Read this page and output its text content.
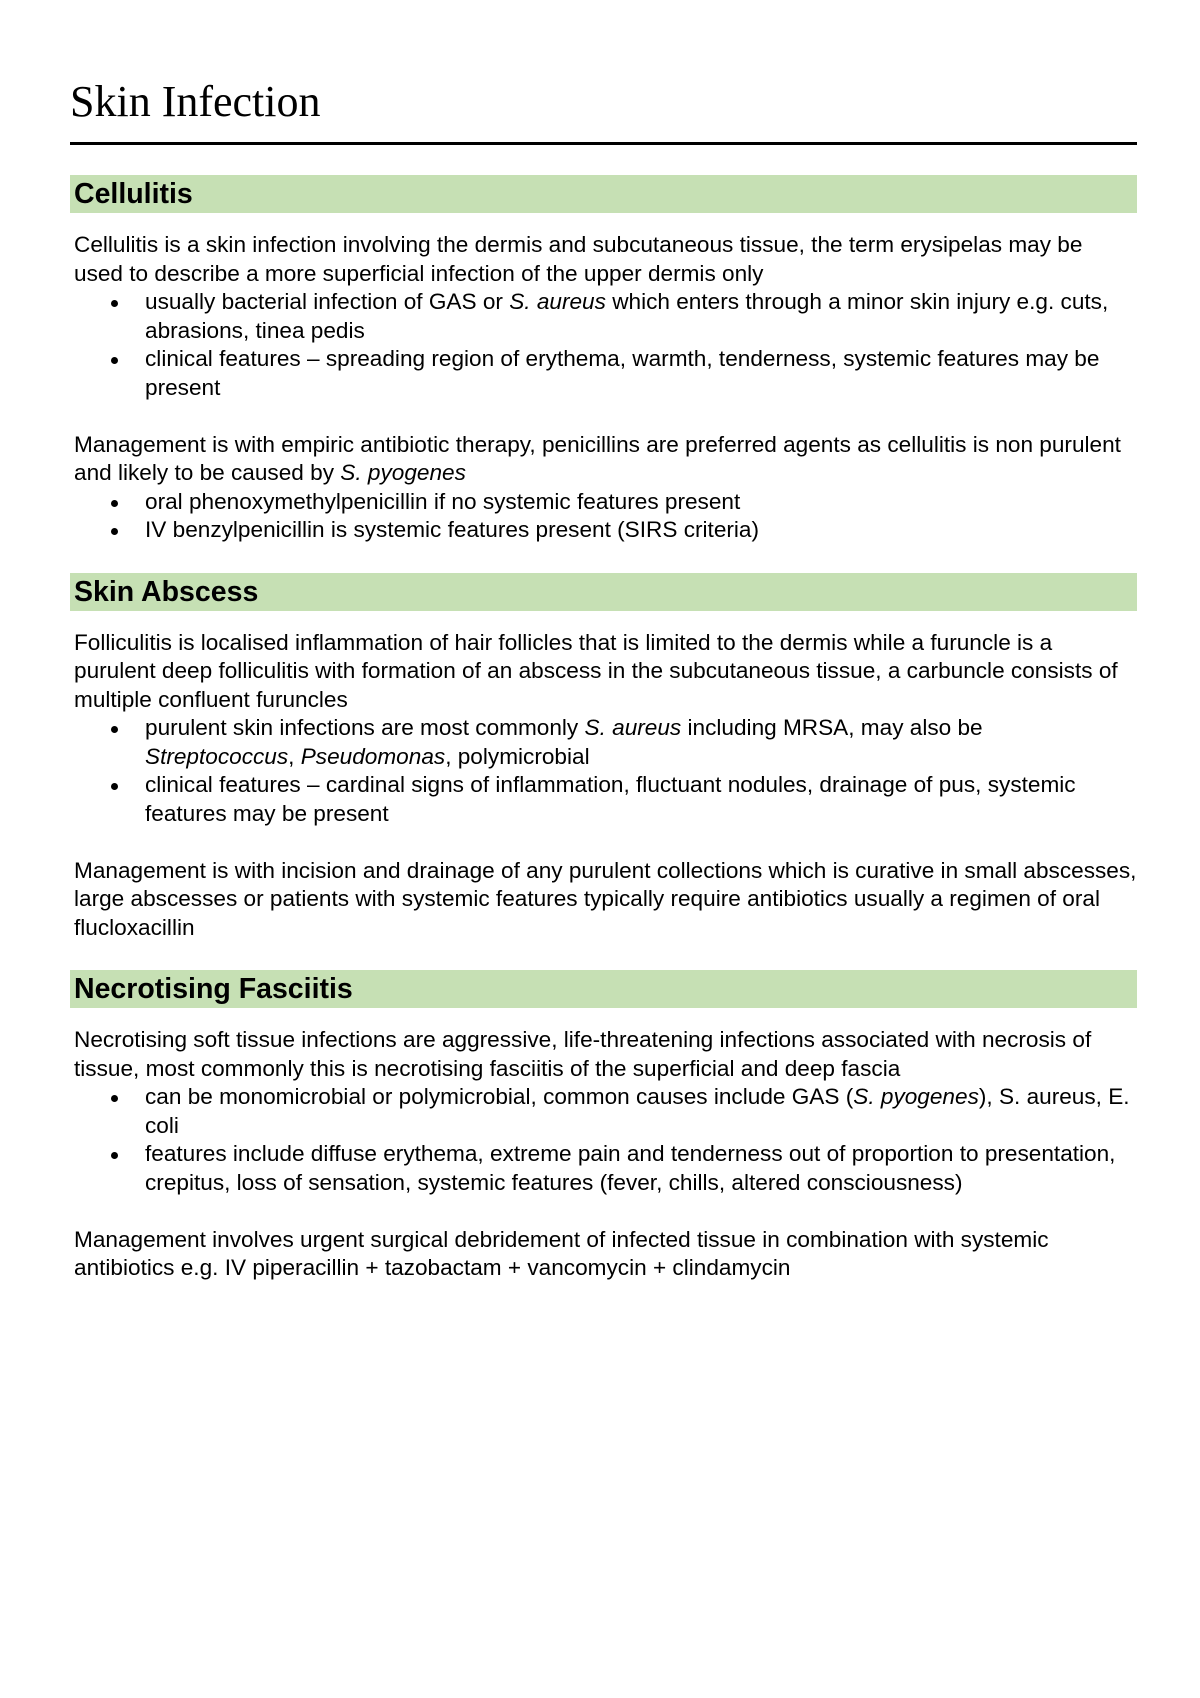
Skin Infection
Cellulitis

Cellulitis is a skin infection involving the dermis and subcutaneous tissue, the term erysipelas may be used to describe a more superficial infection of the upper dermis only

usually bacterial infection of GAS or S. aureus which enters through a minor skin injury e.g. cuts, abrasions, tinea pedis
clinical features – spreading region of erythema, warmth, tenderness, systemic features may be present

Management is with empiric antibiotic therapy, penicillins are preferred agents as cellulitis is non purulent and likely to be caused by S. pyogenes

oral phenoxymethylpenicillin if no systemic features present
IV benzylpenicillin is systemic features present (SIRS criteria)
Skin Abscess

Folliculitis is localised inflammation of hair follicles that is limited to the dermis while a furuncle is a purulent deep folliculitis with formation of an abscess in the subcutaneous tissue, a carbuncle consists of multiple confluent furuncles

purulent skin infections are most commonly S. aureus including MRSA, may also be Streptococcus, Pseudomonas, polymicrobial
clinical features – cardinal signs of inflammation, fluctuant nodules, drainage of pus, systemic features may be present

Management is with incision and drainage of any purulent collections which is curative in small abscesses, large abscesses or patients with systemic features typically require antibiotics usually a regimen of oral flucloxacillin

Necrotising Fasciitis

Necrotising soft tissue infections are aggressive, life-threatening infections associated with necrosis of tissue, most commonly this is necrotising fasciitis of the superficial and deep fascia

can be monomicrobial or polymicrobial, common causes include GAS (S. pyogenes), S. aureus, E. coli
features include diffuse erythema, extreme pain and tenderness out of proportion to presentation, crepitus, loss of sensation, systemic features (fever, chills, altered consciousness)

Management involves urgent surgical debridement of infected tissue in combination with systemic antibiotics e.g. IV piperacillin + tazobactam + vancomycin + clindamycin
